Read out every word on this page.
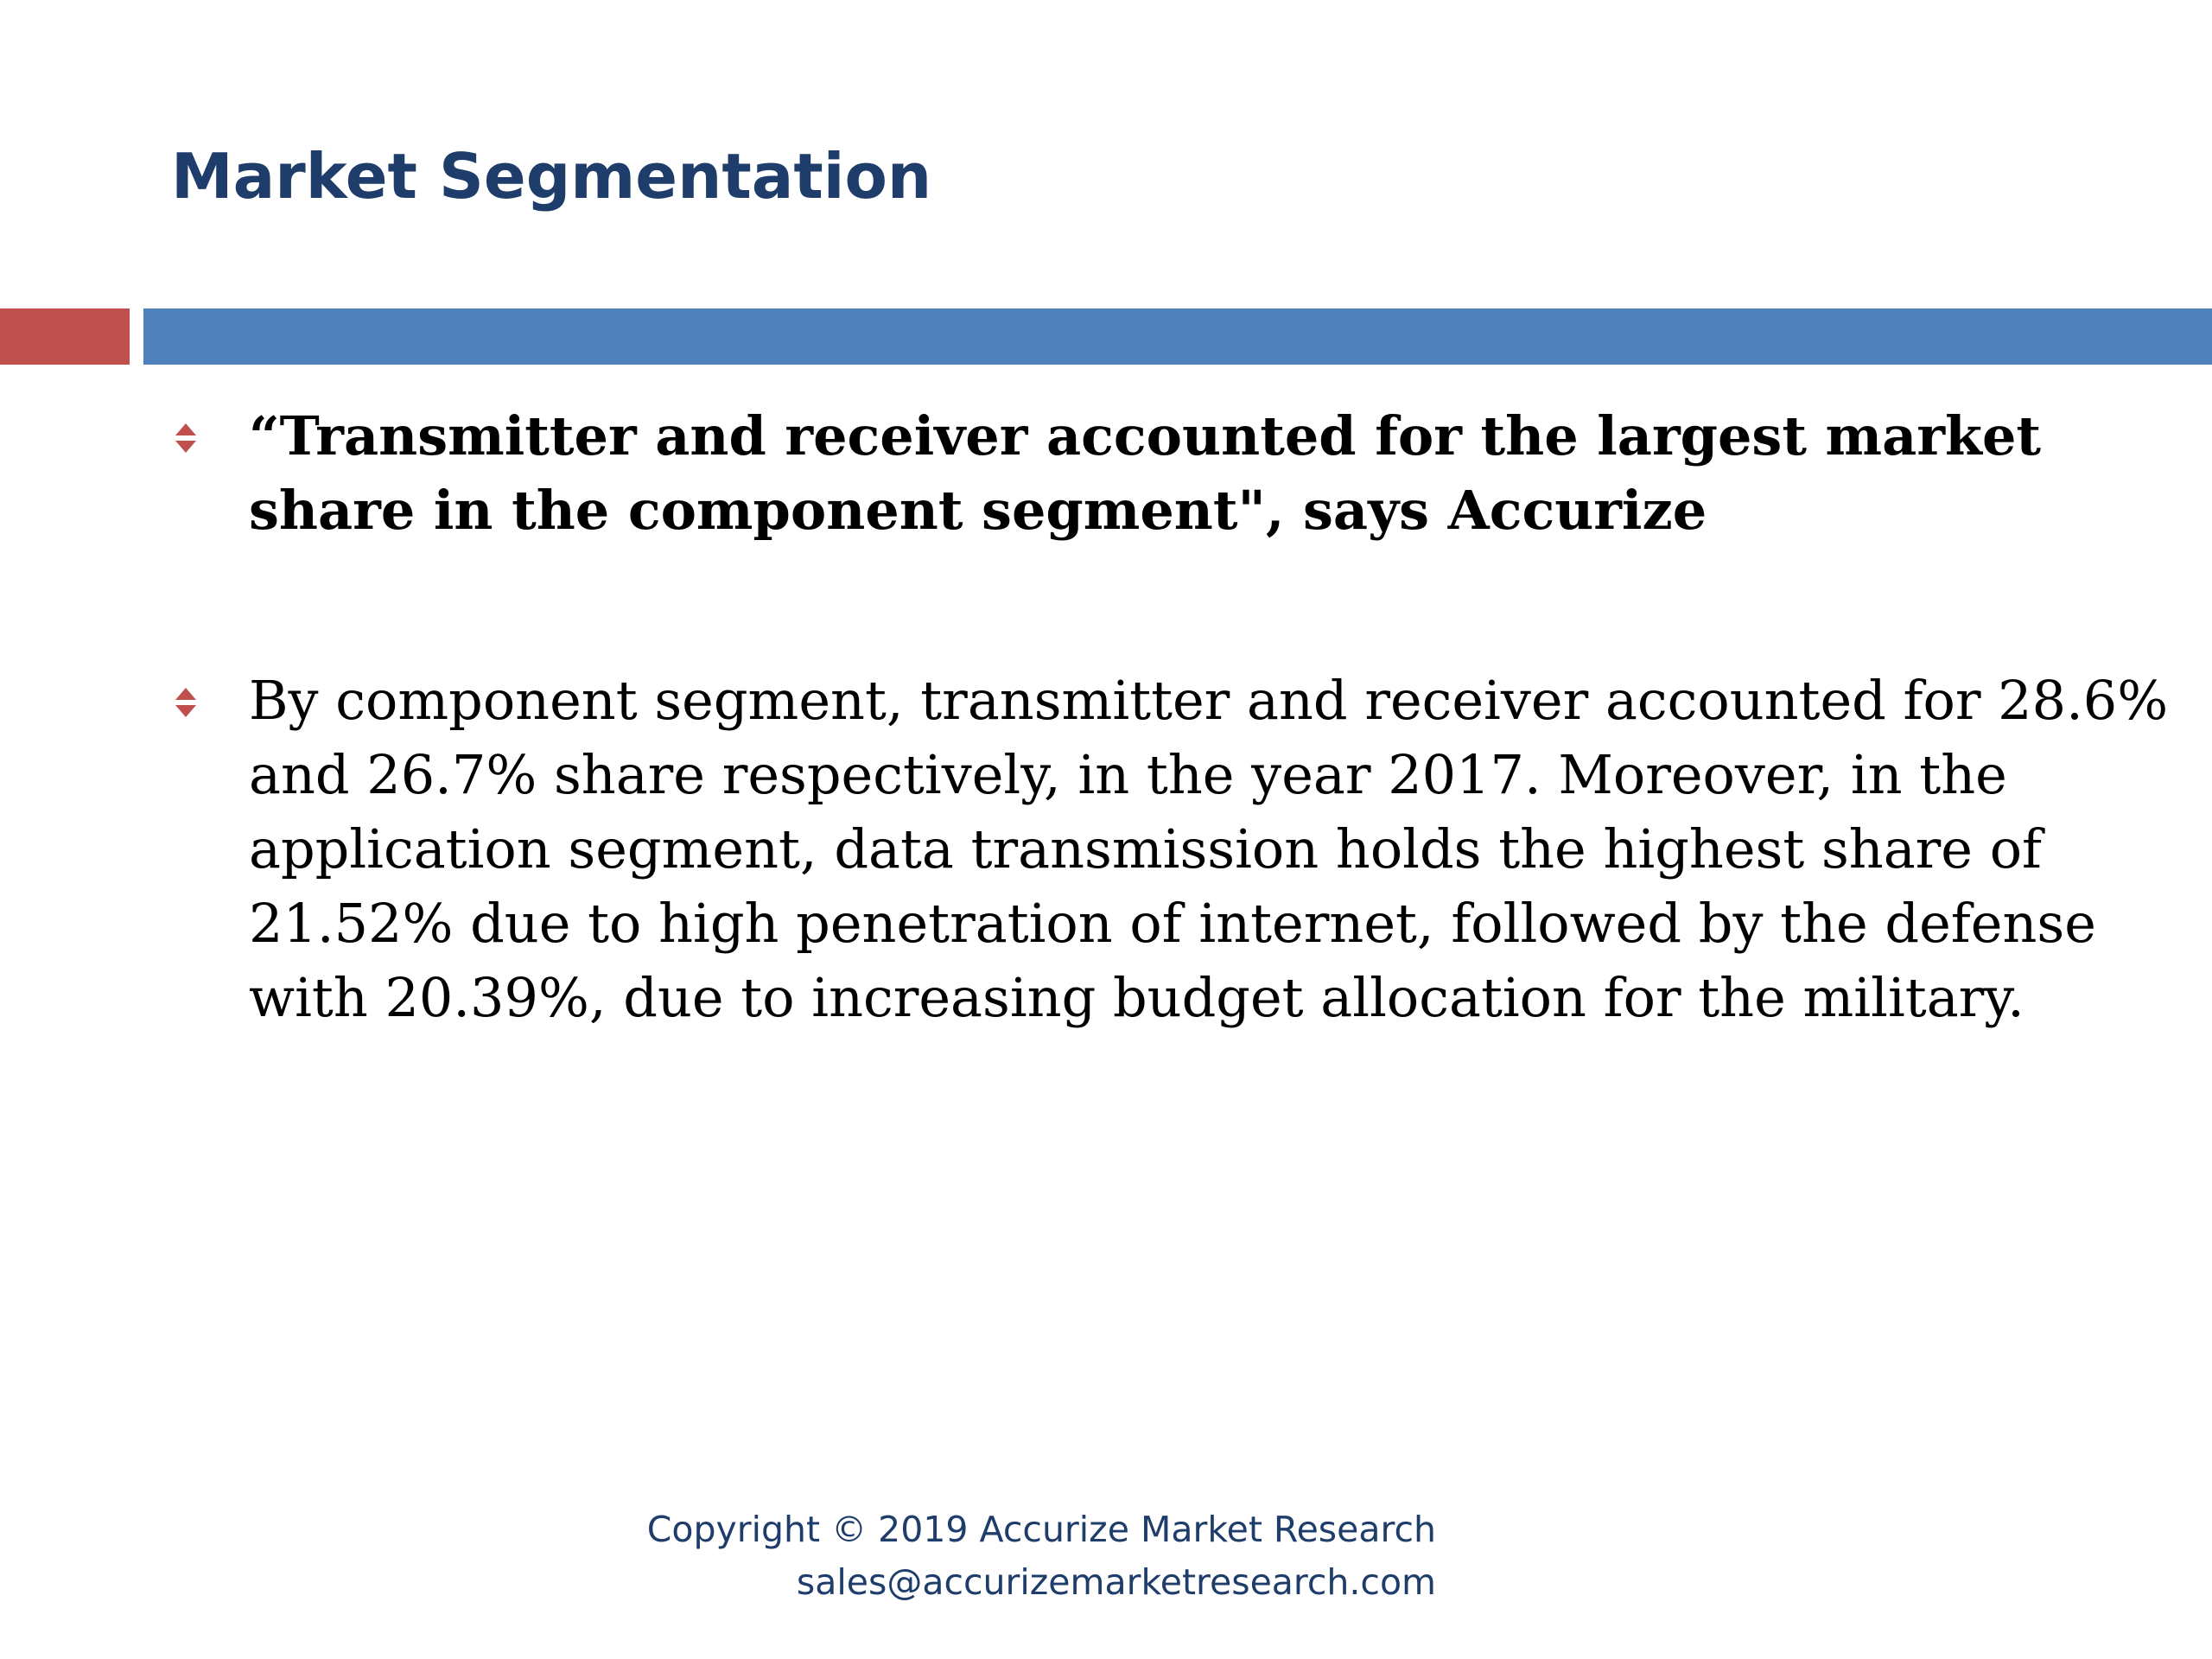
Market Segmentation
“Transmitter and receiver accounted for the largest market share in the component segment", says Accurize
By component segment, transmitter and receiver accounted for 28.6% and 26.7% share respectively, in the year 2017. Moreover, in the application segment, data transmission holds the highest share of 21.52% due to high penetration of internet, followed by the defense with 20.39%, due to increasing budget allocation for the military.
Copyright © 2019 Accurize Market Research
sales@accurizemarketresearch.com
